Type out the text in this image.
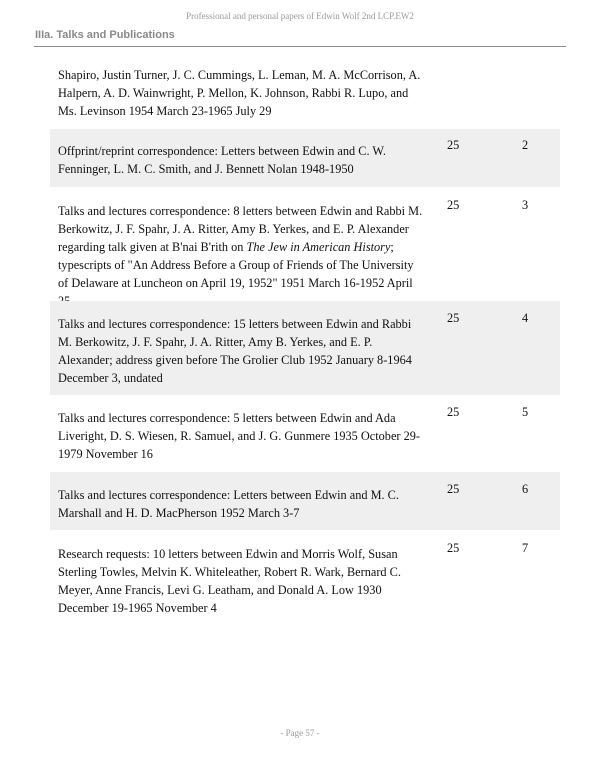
Professional and personal papers of Edwin Wolf 2nd LCP.EW2
IIIa. Talks and Publications
Shapiro, Justin Turner, J. C. Cummings, L. Leman, M. A. McCorrison, A. Halpern, A. D. Wainwright, P. Mellon, K. Johnson, Rabbi R. Lupo, and Ms. Levinson 1954 March 23-1965 July 29
Offprint/reprint correspondence: Letters between Edwin and C. W. Fenninger, L. M. C. Smith, and J. Bennett Nolan 1948-1950
25	2
Talks and lectures correspondence: 8 letters between Edwin and Rabbi M. Berkowitz, J. F. Spahr, J. A. Ritter, Amy B. Yerkes, and E. P. Alexander regarding talk given at B'nai B'rith on The Jew in American History; typescripts of "An Address Before a Group of Friends of The University of Delaware at Luncheon on April 19, 1952" 1951 March 16-1952 April
25	3
Talks and lectures correspondence: 15 letters between Edwin and Rabbi M. Berkowitz, J. F. Spahr, J. A. Ritter, Amy B. Yerkes, and E. P. Alexander; address given before The Grolier Club 1952 January 8-1964 December 3, undated
25	4
Talks and lectures correspondence: 5 letters between Edwin and Ada Liveright, D. S. Wiesen, R. Samuel, and J. G. Gunmere 1935 October 29-1979 November 16
25	5
Talks and lectures correspondence: Letters between Edwin and M. C. Marshall and H. D. MacPherson 1952 March 3-7
25	6
Research requests: 10 letters between Edwin and Morris Wolf, Susan Sterling Towles, Melvin K. Whiteleather, Robert R. Wark, Bernard C. Meyer, Anne Francis, Levi G. Leatham, and Donald A. Low 1930 December 19-1965 November 4
25	7
- Page 57 -
